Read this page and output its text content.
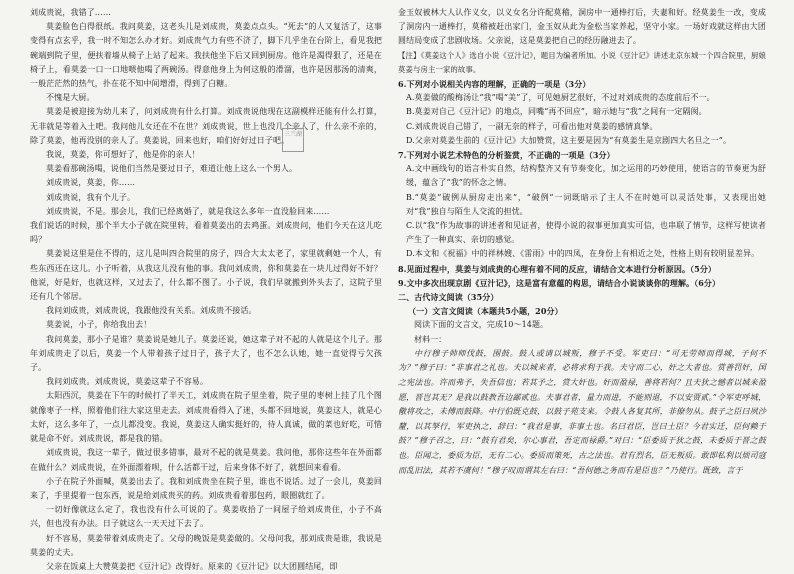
刘成贵说，我错了……

莫姜脸色白得很纸。我问莫姜，这老头儿是刘成贵，莫姜点点头。“死去”的人又复活了，这事变得有点玄乎，我一时不知怎么办才好。刘成贵气力有些不济了，脚下几乎坐在台阶上，看见我把碗端到院子里，便扶着墙从椅子上站了起来。我扶他坐下后又回到厨房。他许是渴得狠了，还是在椅子上，看莫姜一口一口地喂他喝了两碗汤。得意他身上为何这般的滑溜，也许是因那汤的清爽，一般茫茫然的热气，扑在花不知中间增滑，得到了白糖。

不愧是大厨。

莫姜是被迎接为幼儿来了，问刘成贵有什么打算。刘成贵说他现在这副模样还能有什么打算，无非就是等着入土吧。我问他儿女还在不在世？刘成贵说，世上也没几个亲人了，什么亲不亲的，除了莫姜，他再没别的亲人了。莫姜说，回来也好，咱们好好过日子吧。

我说，莫姜，你可想好了，他是你的亲人！

莫姜看那碗汤喝，说他们当然是要过日子，难道让他上这么一个男人。

刘成贵说，莫姜，你……

刘成贵说，我有个儿子。

刘成贵说，不是。那会儿，我们已经离婚了，就是我这么多年一直没脸回来……

我们说话的时候，那个半大小子就在院里转，看着莫姜出的去鸡蛋。刘成贵问，他们今天在这儿吃吗？

莫姜说这里是住不得的，这儿是叫四合院里的房子，四合大太太老了，家里就剩她一个人，有些东西还在这儿。小子听着，从我这儿没有他的事。我问刘成贵，你和莫姜在一块儿过得好不好？他说，好是好，也就这样，又过去了，什么都不图了。小子说，我们早就搬到外头去了，这院子里还有几个邻居。

我问刘成贵，刘成贵说，我跟他没有关系。刘成贵不接话。

莫姜说，小子，你给我出去！

我问莫姜，那小子是谁？莫姜说是她儿子。莫姜还说，她这辈子对不起的人就是这个儿子。那年刘成贵走了以后，莫姜一个人带着孩子过日子，孩子大了，也不怎么认她，她一直觉得亏欠孩子。

我问刘成贵。刘成贵说，莫姜这辈子不容易。

太阳西沉，莫姜在下午的时候打了半天工，刘成贵在院子里坐着，院子里的枣树上挂了几个图就像枣子一样，照着他们往大家这里走去。刘成贵看得入了迷，头都不回地说，莫姜这人，就是心太好，这么多年了，一点儿都没变。我说，莫姜这人确实挺好的，待人真诚，做的菜也好吃，可惜就是命不好。刘成贵说，都是我的错。

刘成贵说，我这一辈子，做过很多错事，最对不起的就是莫姜。我问他，那你这些年在外面都在做什么？刘成贵说，在外面漂着呗，什么活都干过，后来身体不好了，就想回来看看。

小子在院子外面喊，莫姜出去了。我和刘成贵坐在院子里，谁也不说话。过了一会儿，莫姜回来了，手里提着一包东西，说是给刘成贵买的药。刘成贵看着那包药，眼圈就红了。

一切好像就这么定了，我也没有什么可说的了。莫姜收拾了一间屋子给刘成贵住，小子不高兴，但也没有办法。日子就这么一天天过下去了。

好不容易，莫姜带着刘成贵走了。父母的晚饭是莫姜做的。父母问我，那刘成贵是谁，我说是莫姜的丈夫。

父亲在饭桌上大赞莫姜把《豆汁记》改得好。原来的《豆汁记》以大团圆结尾，即

三兰湖

金玉奴被林大人认作义女，以义女名分许配莫稽，洞房中一通棒打后，夫妻和好。经莫姜生一改，变成了洞房内一通棒打，莫稽被赶出家门，金玉奴从此为金松当家养起，坚守小家。一场好戏就这样由大团圆结局变成了悲剧收场。父亲说，这是莫姜把自己的经历融进去了。

【注】《莫姜这个人》选自小说《豆汁记》，题目为编者所加。小说《豆汁记》讲述北京东城一个四合院里，厨娘莫姜与房主一家的故事。

6.下列对小说相关内容的理解，正确的一项是（3分）

A.莫姜做的酸梅汤让“我”喝“美”了，可见她厨艺很好，不过对刘成贵的态度前后不一。

B.莫姜对自己《豆汁记》的地点，同嘴“再不回应”，暗示她与“我”之间有一定隔阂。

C.刘成贵说自己错了，一副无奈的样子，可看出他对莫姜的感情真挚。

D.父亲对莫姜生前的《豆汁记》大加赞赏，这主要是因为“有莫姜生是京剧四大名旦之一”。

7.下列对小说艺术特色的分析鉴赏，不正确的一项是（3分）

A.文中画线句的语言朴实自然，结构整齐又有节奏变化，加之运用的巧妙使用，使语言的节奏更为舒缓，蕴含了“我”的怀念之情。

B.“莫姜”破例从厨房走出来”，“破例”一词既暗示了主人不在时她可以灵活处事，又表现出她对“我”独自与陌生人交流的担忧。

C.以“我”作为故事的讲述者和见证者，使得小说的叙事更加真实可信，也串联了情节，这样写使读者产生了一种真实、亲切的感觉。

D.本文和《祝福》中的祥林嫂、《雷雨》中的四凤，在身份上有相近之处，性格上则有较明显差异。

8.见面过程中，莫姜与刘成贵的心理有着不同的反应，请结合文本进行分析原因。（5分）

9.文中多次出现京剧《豆汁记》，这是富有意蕴的构思，请结合小说谈谈你的理解。（6分）

二、古代诗文阅读（35分）

（一）文言文阅读（本题共5小题，20分）

阅读下面的文言文，完成10～14题。

材料一：

中行穆子帅师伐鼓，围鼓。鼓人或请以城叛，穆子不受。军吏曰：“可无劳师而得城，子何不为？”穆子曰：“非事君之礼也。夫以城来者，必将求利于我。夫守而二心，奸之大者也。赏善罚奸，国之宪法也。许而弗予，失吾信也；若其予之，赏大奸也。奸而盈禄，善将若何？且夫狄之憾者以城来盈愿，晋岂其无？是我以鼓教吾边鄙贰也。夫事君者，量力而进，不能则退，不以安贾贰。”令军吏呼城，儆将攻之，未傅而鼓降。中行伯既克鼓，以鼓子苑支来。令鼓人各复其所，非僚勿从。鼓子之臣曰夙沙釐，以其孥行，军吏执之，辞曰：“我君是事，非事土也。名曰君臣，岂曰土臣？今君实迁，臣何赖于鼓？”穆子召之，曰：“鼓有君矣，尔心事君，吾定而禄爵。”对曰：“臣委质于狄之鼓，未委质于晋之鼓也。臣闻之，委质为臣，无有二心。委质而策死，古之法也。君有烈名，臣无叛质。敢即私利以烦司寇而乱旧法，其若不虞何！”穆子叹而谓其左右曰：“吾何德之务而有是臣也？”乃使行。既致，言于
